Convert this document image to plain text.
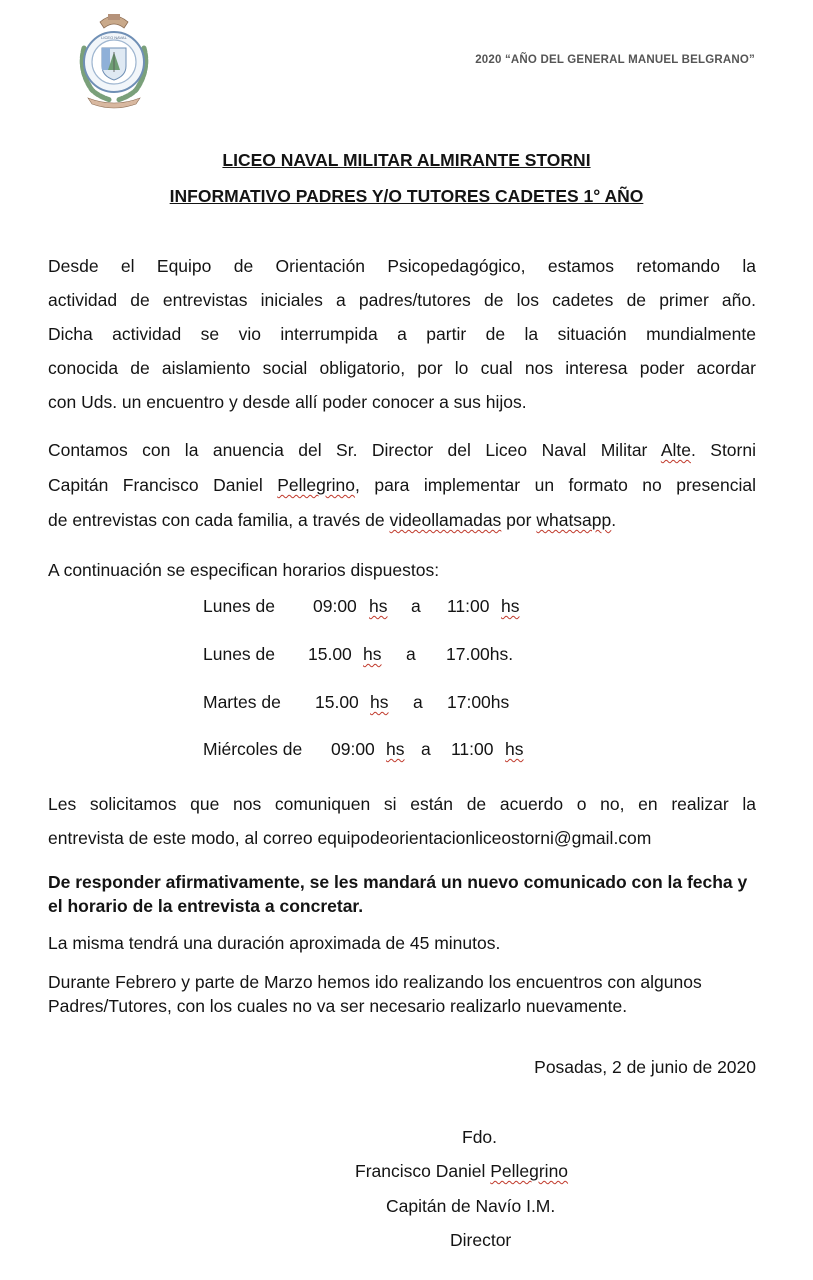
LICEO NAVAL
2020 “AÑO DEL GENERAL MANUEL BELGRANO”
LICEO NAVAL MILITAR ALMIRANTE STORNI
INFORMATIVO PADRES Y/O TUTORES CADETES 1° AÑO
Desde el Equipo de Orientación Psicopedagógico, estamos retomando la
actividad de entrevistas iniciales a padres/tutores de los cadetes de primer año.
Dicha actividad se vio interrumpida a partir de la situación mundialmente
conocida de aislamiento social obligatorio, por lo cual nos interesa poder acordar
con Uds. un encuentro y desde allí poder conocer a sus hijos.
Contamos con la anuencia del Sr. Director del Liceo Naval Militar Alte. Storni
Capitán Francisco Daniel Pellegrino, para implementar un formato no presencial
de entrevistas con cada familia, a través de videollamadas por whatsapp.
A continuación se especifican horarios dispuestos:
Lunes de 09:00 hs a 11:00 hs
Lunes de 15.00 hs a 17.00hs.
Martes de 15.00 hs a 17:00hs
Miércoles de 09:00 hs a 11:00 hs
Les solicitamos que nos comuniquen si están de acuerdo o no, en realizar la
entrevista de este modo, al correo equipodeorientacionliceostorni@gmail.com
De responder afirmativamente, se les mandará un nuevo comunicado con la fecha y el horario de la entrevista a concretar.
La misma tendrá una duración aproximada de 45 minutos.
Durante Febrero y parte de Marzo hemos ido realizando los encuentros con algunos Padres/Tutores, con los cuales no va ser necesario realizarlo nuevamente.
Posadas, 2 de junio de 2020
Fdo.
Francisco Daniel Pellegrino
Capitán de Navío I.M.
Director
